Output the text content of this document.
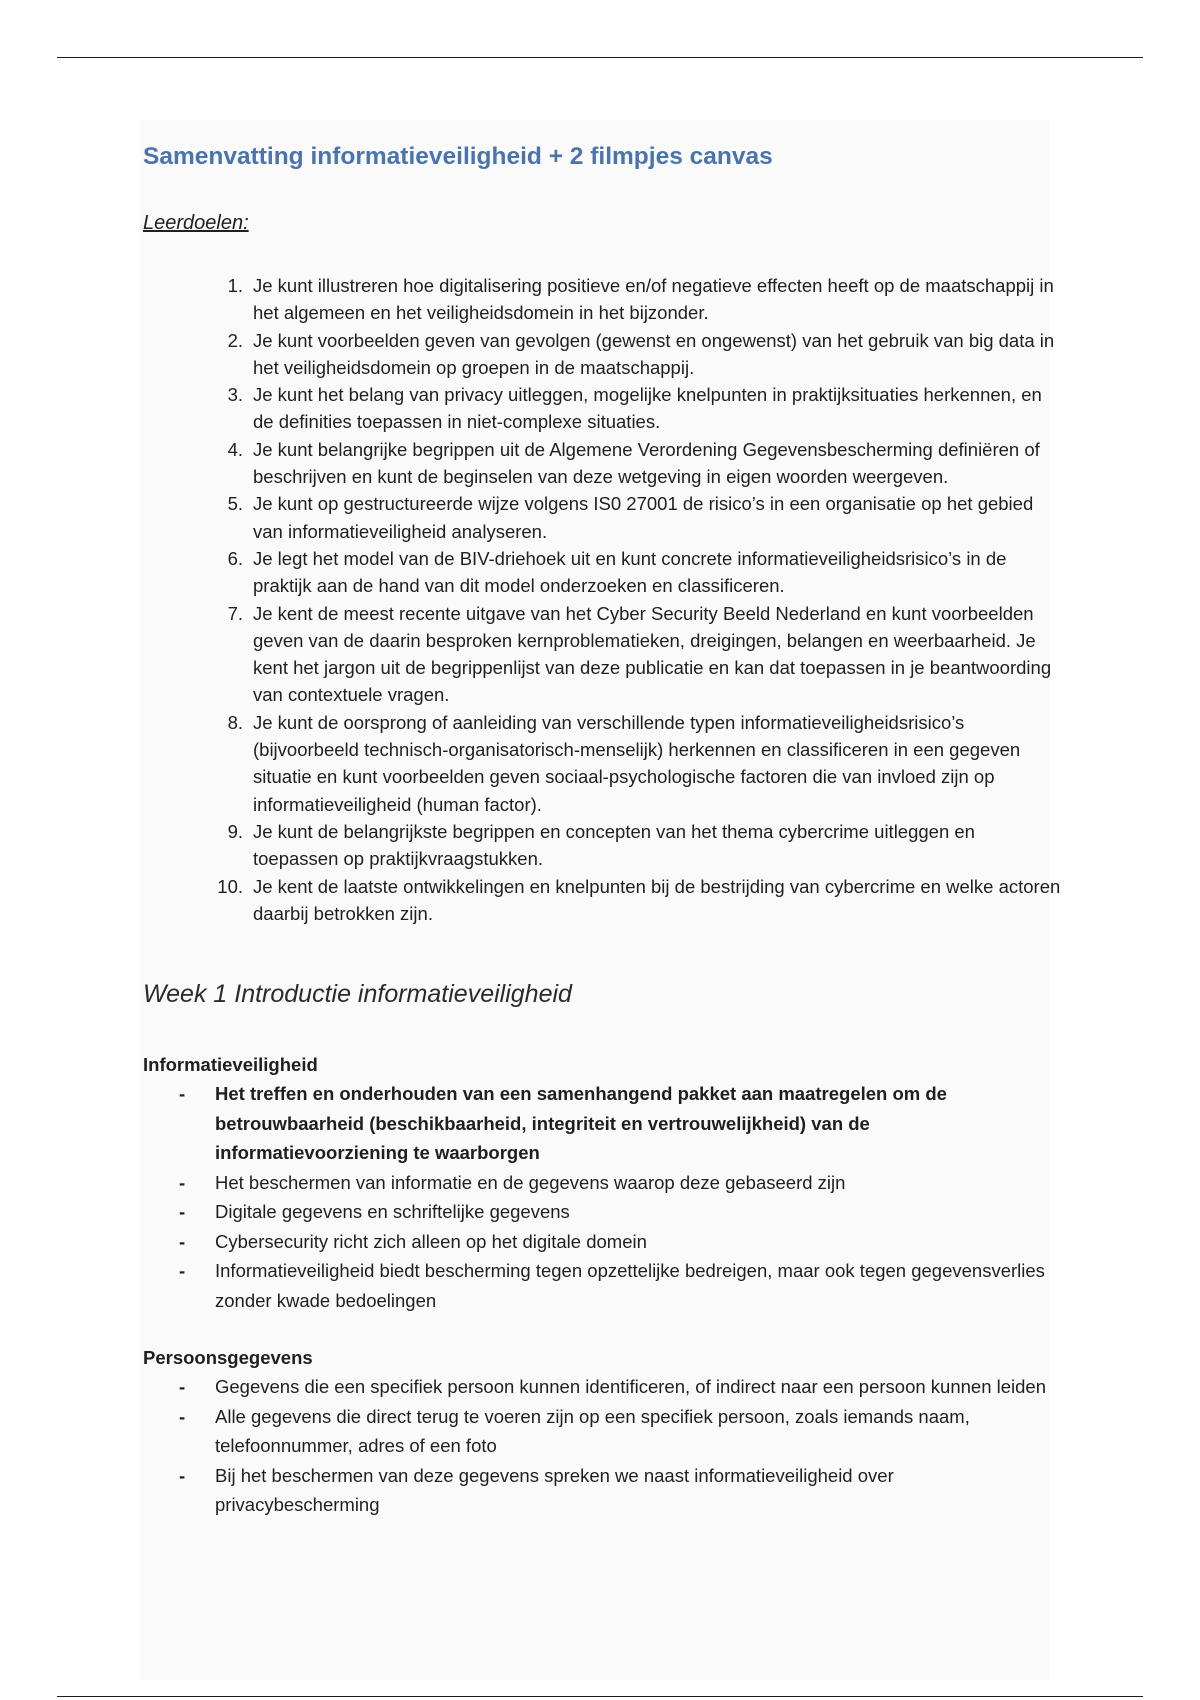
Samenvatting informatieveiligheid + 2 filmpjes canvas

Leerdoelen:

1. Je kunt illustreren hoe digitalisering positieve en/of negatieve effecten heeft op de maatschappij in het algemeen en het veiligheidsdomein in het bijzonder.
2. Je kunt voorbeelden geven van gevolgen (gewenst en ongewenst) van het gebruik van big data in het veiligheidsdomein op groepen in de maatschappij.
3. Je kunt het belang van privacy uitleggen, mogelijke knelpunten in praktijksituaties herkennen, en de definities toepassen in niet-complexe situaties.
4. Je kunt belangrijke begrippen uit de Algemene Verordening Gegevensbescherming definiëren of beschrijven en kunt de beginselen van deze wetgeving in eigen woorden weergeven.
5. Je kunt op gestructureerde wijze volgens IS0 27001 de risico’s in een organisatie op het gebied van informatieveiligheid analyseren.
6. Je legt het model van de BIV-driehoek uit en kunt concrete informatieveiligheidsrisico’s in de praktijk aan de hand van dit model onderzoeken en classificeren.
7. Je kent de meest recente uitgave van het Cyber Security Beeld Nederland en kunt voorbeelden geven van de daarin besproken kernproblematieken, dreigingen, belangen en weerbaarheid. Je kent het jargon uit de begrippenlijst van deze publicatie en kan dat toepassen in je beantwoording van contextuele vragen.
8. Je kunt de oorsprong of aanleiding van verschillende typen informatieveiligheidsrisico’s (bijvoorbeeld technisch-organisatorisch-menselijk) herkennen en classificeren in een gegeven situatie en kunt voorbeelden geven sociaal-psychologische factoren die van invloed zijn op informatieveiligheid (human factor).
9. Je kunt de belangrijkste begrippen en concepten van het thema cybercrime uitleggen en toepassen op praktijkvraagstukken.
10. Je kent de laatste ontwikkelingen en knelpunten bij de bestrijding van cybercrime en welke actoren daarbij betrokken zijn.
Week 1 Introductie informatieveiligheid

Informatieveiligheid

- Het treffen en onderhouden van een samenhangend pakket aan maatregelen om de betrouwbaarheid (beschikbaarheid, integriteit en vertrouwelijkheid) van de informatievoorziening te waarborgen
- Het beschermen van informatie en de gegevens waarop deze gebaseerd zijn
- Digitale gegevens en schriftelijke gegevens
- Cybersecurity richt zich alleen op het digitale domein
- Informatieveiligheid biedt bescherming tegen opzettelijke bedreigen, maar ook tegen gegevensverlies zonder kwade bedoelingen

Persoonsgegevens

- Gegevens die een specifiek persoon kunnen identificeren, of indirect naar een persoon kunnen leiden
- Alle gegevens die direct terug te voeren zijn op een specifiek persoon, zoals iemands naam, telefoonnummer, adres of een foto
- Bij het beschermen van deze gegevens spreken we naast informatieveiligheid over privacybescherming
